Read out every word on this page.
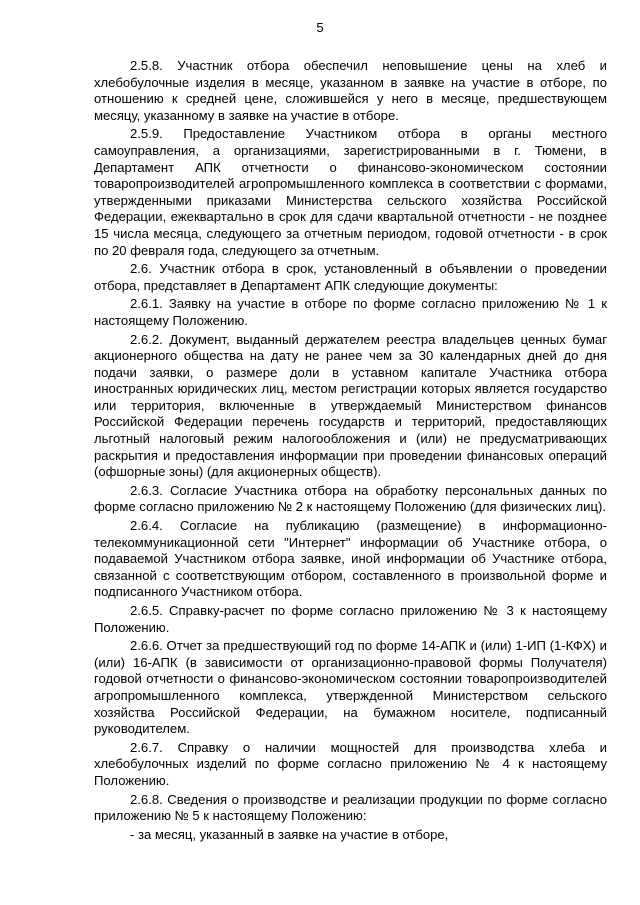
5

2.5.8. Участник отбора обеспечил неповышение цены на хлеб и хлебобулочные изделия в месяце, указанном в заявке на участие в отборе, по отношению к средней цене, сложившейся у него в месяце, предшествующем месяцу, указанному в заявке на участие в отборе.

2.5.9. Предоставление Участником отбора в органы местного самоуправления, а организациями, зарегистрированными в г. Тюмени, в Департамент АПК отчетности о финансово-экономическом состоянии товаропроизводителей агропромышленного комплекса в соответствии с формами, утвержденными приказами Министерства сельского хозяйства Российской Федерации, ежеквартально в срок для сдачи квартальной отчетности - не позднее 15 числа месяца, следующего за отчетным периодом, годовой отчетности - в срок по 20 февраля года, следующего за отчетным.

2.6. Участник отбора в срок, установленный в объявлении о проведении отбора, представляет в Департамент АПК следующие документы:

2.6.1. Заявку на участие в отборе по форме согласно приложению № 1 к настоящему Положению.

2.6.2. Документ, выданный держателем реестра владельцев ценных бумаг акционерного общества на дату не ранее чем за 30 календарных дней до дня подачи заявки, о размере доли в уставном капитале Участника отбора иностранных юридических лиц, местом регистрации которых является государство или территория, включенные в утверждаемый Министерством финансов Российской Федерации перечень государств и территорий, предоставляющих льготный налоговый режим налогообложения и (или) не предусматривающих раскрытия и предоставления информации при проведении финансовых операций (офшорные зоны) (для акционерных обществ).

2.6.3. Согласие Участника отбора на обработку персональных данных по форме согласно приложению № 2 к настоящему Положению (для физических лиц).

2.6.4. Согласие на публикацию (размещение) в информационно-телекоммуникационной сети "Интернет" информации об Участнике отбора, о подаваемой Участником отбора заявке, иной информации об Участнике отбора, связанной с соответствующим отбором, составленного в произвольной форме и подписанного Участником отбора.

2.6.5. Справку-расчет по форме согласно приложению № 3 к настоящему Положению.

2.6.6. Отчет за предшествующий год по форме 14-АПК и (или) 1-ИП (1-КФХ) и (или) 16-АПК (в зависимости от организационно-правовой формы Получателя) годовой отчетности о финансово-экономическом состоянии товаропроизводителей агропромышленного комплекса, утвержденной Министерством сельского хозяйства Российской Федерации, на бумажном носителе, подписанный руководителем.

2.6.7. Справку о наличии мощностей для производства хлеба и хлебобулочных изделий по форме согласно приложению № 4 к настоящему Положению.

2.6.8. Сведения о производстве и реализации продукции по форме согласно приложению № 5 к настоящему Положению:

- за месяц, указанный в заявке на участие в отборе,
